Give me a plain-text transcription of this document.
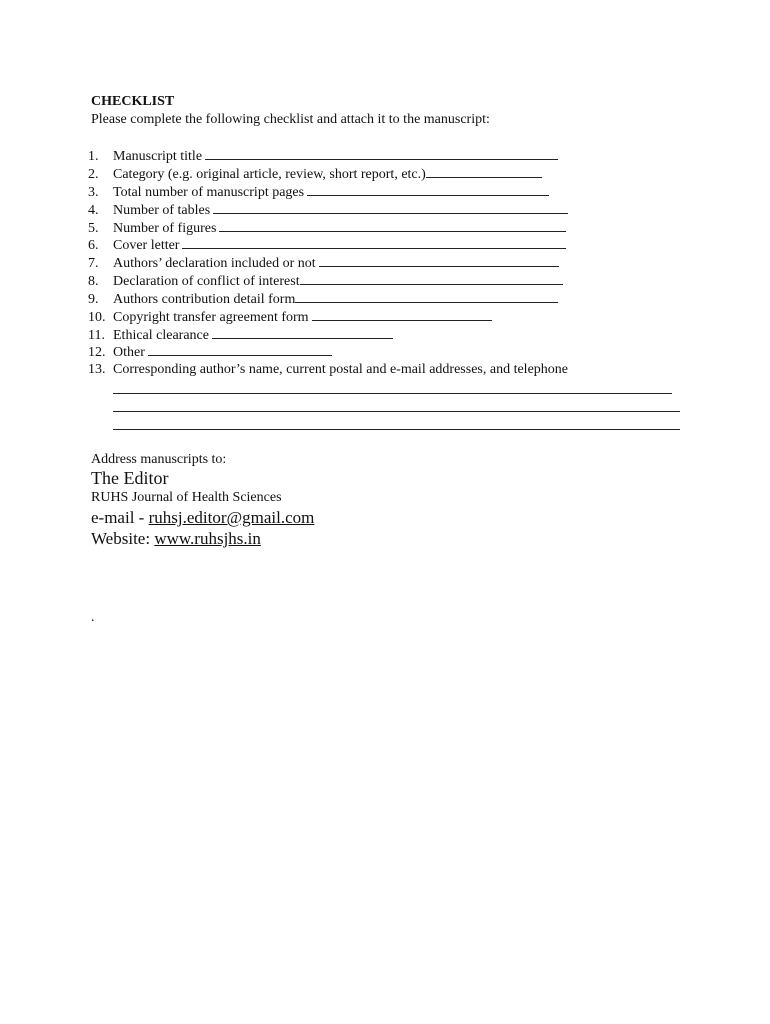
CHECKLIST
Please complete the following checklist and attach it to the manuscript:
1.	Manuscript title
2.	Category (e.g. original article, review, short report, etc.)
3.	Total number of manuscript pages
4.	Number of tables
5.	Number of figures
6.	Cover letter
7.	Authors’ declaration included or not
8.	Declaration of conflict of interest
9.	Authors contribution detail form
10. Copyright transfer agreement form
11. Ethical clearance
12. Other
13. Corresponding author’s name, current postal and e-mail addresses, and telephone
Address manuscripts to:
The Editor
RUHS Journal of Health Sciences
e-mail - ruhsj.editor@gmail.com
Website: www.ruhsjhs.in
.
